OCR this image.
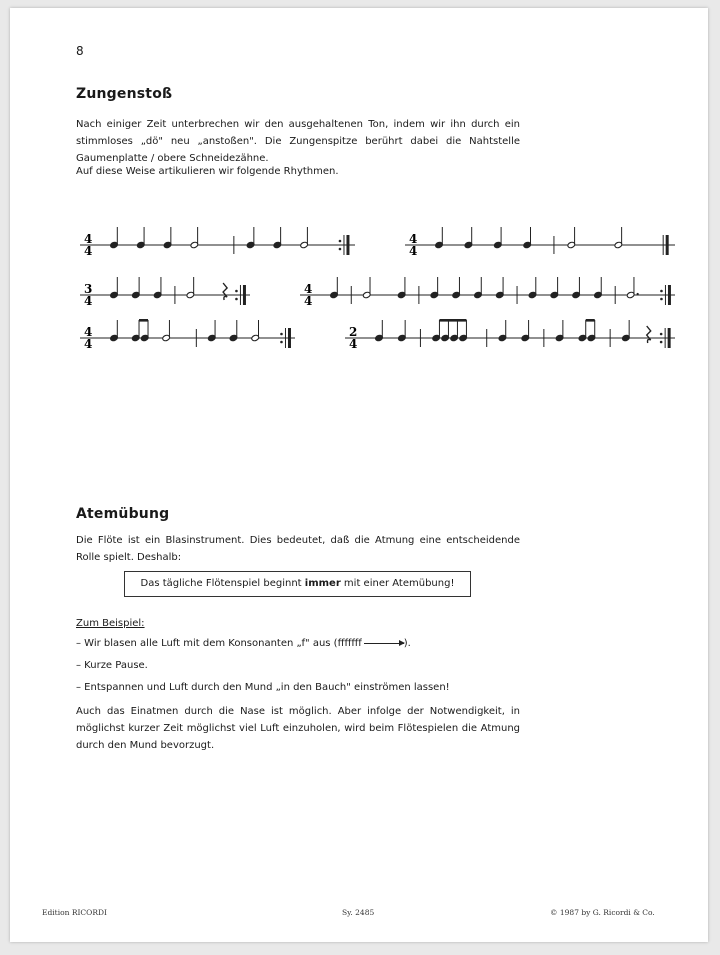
8
Zungenstoß

Nach einiger Zeit unterbrechen wir den ausgehaltenen Ton, indem wir ihn durch ein stimmloses „dö" neu „anstoßen". Die Zungenspitze berührt dabei die Nahtstelle Gaumenplatte / obere Schneidezähne.

Auf diese Weise artikulieren wir folgende Rhythmen.

4
4
4
4
3
4
4
4
4
4
2
4
Atemübung

Die Flöte ist ein Blasinstrument. Dies bedeutet, daß die Atmung eine entscheidende Rolle spielt. Deshalb:

Das tägliche Flötenspiel beginnt immer mit einer Atemübung!
Zum Beispiel:
– Wir blasen alle Luft mit dem Konsonanten „f" aus (fffffff	).
– Kurze Pause.
– Entspannen und Luft durch den Mund „in den Bauch" einströmen lassen!

Auch das Einatmen durch die Nase ist möglich. Aber infolge der Notwendigkeit, in möglichst kurzer Zeit möglichst viel Luft einzuholen, wird beim Flötespielen die Atmung durch den Mund bevorzugt.

Edition RICORDI	Sy. 2485	© 1987 by G. Ricordi & Co.
